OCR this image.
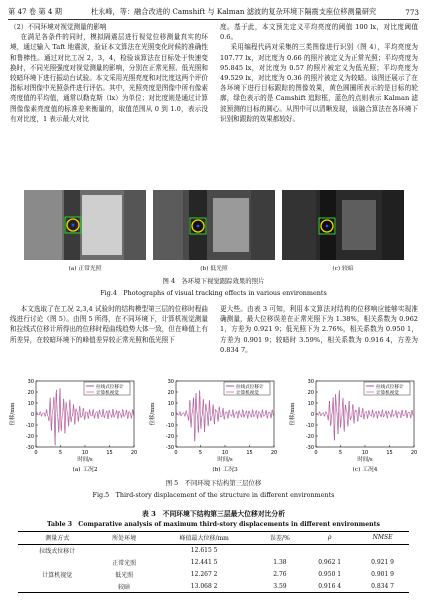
第 47 卷 第 4 期	杜永峰，等：融合改进的 Camshift 与 Kalman 滤波的复杂环境下隔震支座位移测量研究	773

（2）不同环境对视觉测量的影响

在满足各条件的同时，模拟隔震层进行视觉位移测量真实的环境，通过输入 Taft 地震波，验证本文算法在光照变化时候的准确性和鲁棒性。通过对比工况 2，3，4，检验该算法在目标处于快速变换时，不同光照强度对视觉测量的影响，分别在正常光照、低光照和较暗环境下进行振动台试验。本文采用光照亮度和对比度这两个评价指标对图像中光照条件进行评估。其中，光照亮度是图像中所有像素亮度值的平均值，通常以勒克斯（lx）为单位；对比度则是通过计算图像像素亮度值的标准差来衡量的，取值范围从 0 到 1.0，表示没有对比度，1 表示最大对比

度。基于此，本文预先定义平均亮度的阈值 100 lx，对比度阈值 0.6。

采用编程代码对采集的三类图像进行识别（图 4），平均亮度为 107.77 lx，对比度为 0.66 的照片被定义为正常光照；平均亮度为 95.845 lx，对比度为 0.57 的照片被定义为低光照；平均亮度为 49.529 lx，对比度为 0.36 的照片被定义为较暗。该图还展示了在各环境下进行目标跟踪的图像效果，黄色圆圈所表示的是目标的轮廓，绿色表示的是 Camshift 追踪框，蓝色的点则表示 Kalman 滤波预测的目标的圆心。从图中可以清晰发现，该融合算法在各环境下识别和跟踪的效果都较好。

(a) 正常光照	(b) 低光照	(c) 较暗
图 4　各环境下视觉跟踪效果的照片
Fig.4　Photographs of visual tracking effects in various environments

本文选取了在工况 2,3,4 试验时的结构模型第三层的位移时程曲线进行讨论（图 5）。由图 5 所得，在不同环境下，计算机视觉测量和拉线式位移计所得出的位移时程曲线趋势大体一致，但在峰值上有所差异，在较暗环境下的峰值差异较正常光照和低光照下

更大些。由表 3 可知，利用本文算法对结构的位移响应能够实现准确测量，最大位移误差在正常光照下为 1.38%，相关系数为 0.962 1，方差为 0.921 9；低光照下为 2.76%，相关系数为 0.950 1，方差为 0.901 9；较暗时 3.59%，相关系数为 0.916 4，方差为 0.834 7。

30
20
10
0
-10
-20
-30
0	5	10	15	20
时间/s
位移/mm
(a) 工况2
拉线式位移计
计算机视觉
30
20
10
0
-10
-20
-30
0	5	10	15	20
时间/s
位移/mm
(b) 工况3
拉线式位移计
计算机视觉
30
20
10
0
-10
-20
-30
0	5	10	15	20
时间/s
位移/mm
(c) 工况4
拉线式位移计
计算机视觉
图 5　不同环境下结构第三层位移
Fig.5　Third-story displacement of the structure in different environments
表 3　不同环境下结构第三层最大位移对比分析
Table 3　Comparative analysis of maximum third-story displacements in different environments
测量方式	所处环境	峰值最大位移/mm	误差/%	ρ	NMSE
拉线式位移计		12.615 5			
	正常光照	12.441 5	1.38	0.962 1	0.921 9
计算机视觉	低光照	12.267 2	2.76	0.950 1	0.901 9
	较暗	13.068 2	3.59	0.916 4	0.834 7
